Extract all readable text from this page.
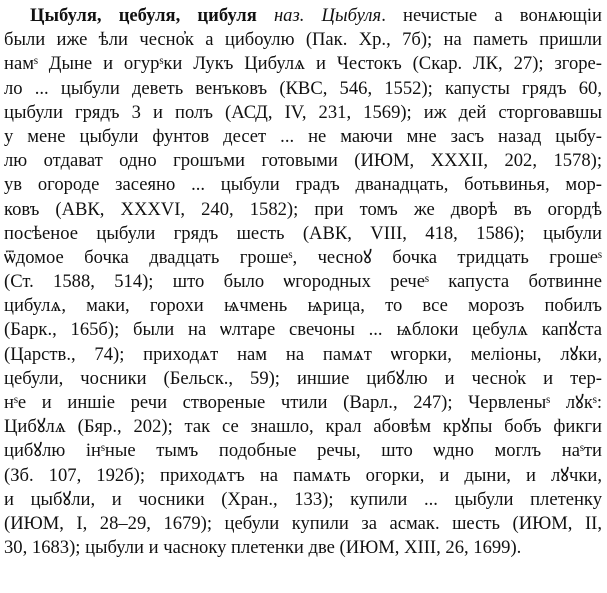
Цыбуля, цебуля, цибуля наз. Цыбуля. нечистые а вонѧющіи
были иже ѣли чесно҆к а цибоулю (Пак. Хр., 7б); на паметь пришли
намˢ Дыне и огурˢки Лукъ Цибулѧ и Честокъ (Скар. ЛК, 27); згоре-
ло ... цыбули деветь венъковъ (КВС, 546, 1552); капусты грядъ 60,
цыбули грядъ 3 и полъ (АСД, IV, 231, 1569); иж дей сторговавшы
у мене цыбули фунтов десет ... не маючи мне засъ назад цыбу-
лю отдават одно грошъми готовыми (ИЮМ, XXXII, 202, 1578);
ув огороде засеяно ... цыбули градъ дванадцать, ботьвинья, мор-
ковъ (АВК, XXXVI, 240, 1582); при томъ же дворѣ въ огордѣ
посѣеное цыбули грядъ шесть (АВК, VIII, 418, 1586); цыбули
ѿдомое бочка двадцать грошеˢ, чесноꙋ бочка тридцать грошеˢ
(Ст. 1588, 514); што было ѡгородных речеˢ капуста ботвинне
цибулѧ, маки, горохи ѩчмень ѩрица, то все морозъ побилъ
(Барк., 165б); были на ѡлтаре свечоны ... ѩблоки цебулѧ капꙋста
(Царств., 74); приходѧт нам на памѧт ѡгорки, меліоны, лꙋки,
цебули, чосники (Бельск., 59); иншие цибꙋлю и чесно҆к и тер-
нˢе и иншіе речи створеные чтили (Варл., 247); Червленыˢ лꙋкˢ:
Цибꙋлѧ (Бяр., 202); так се знашло, крал абовѣм крꙋпы бобъ фикги
цибꙋлю інˢные тымъ подобные речы, што ѡдно моглъ наˢти
(Зб. 107, 192б); приходѧтъ на памѧть огорки, и дыни, и лꙋчки,
и цыбꙋли, и чосники (Хран., 133); купили ... цыбули плетенку
(ИЮМ, I, 28–29, 1679); цебули купили за асмак. шесть (ИЮМ, II,
30, 1683); цыбули и часноку плетенки две (ИЮМ, XIII, 26, 1699).
